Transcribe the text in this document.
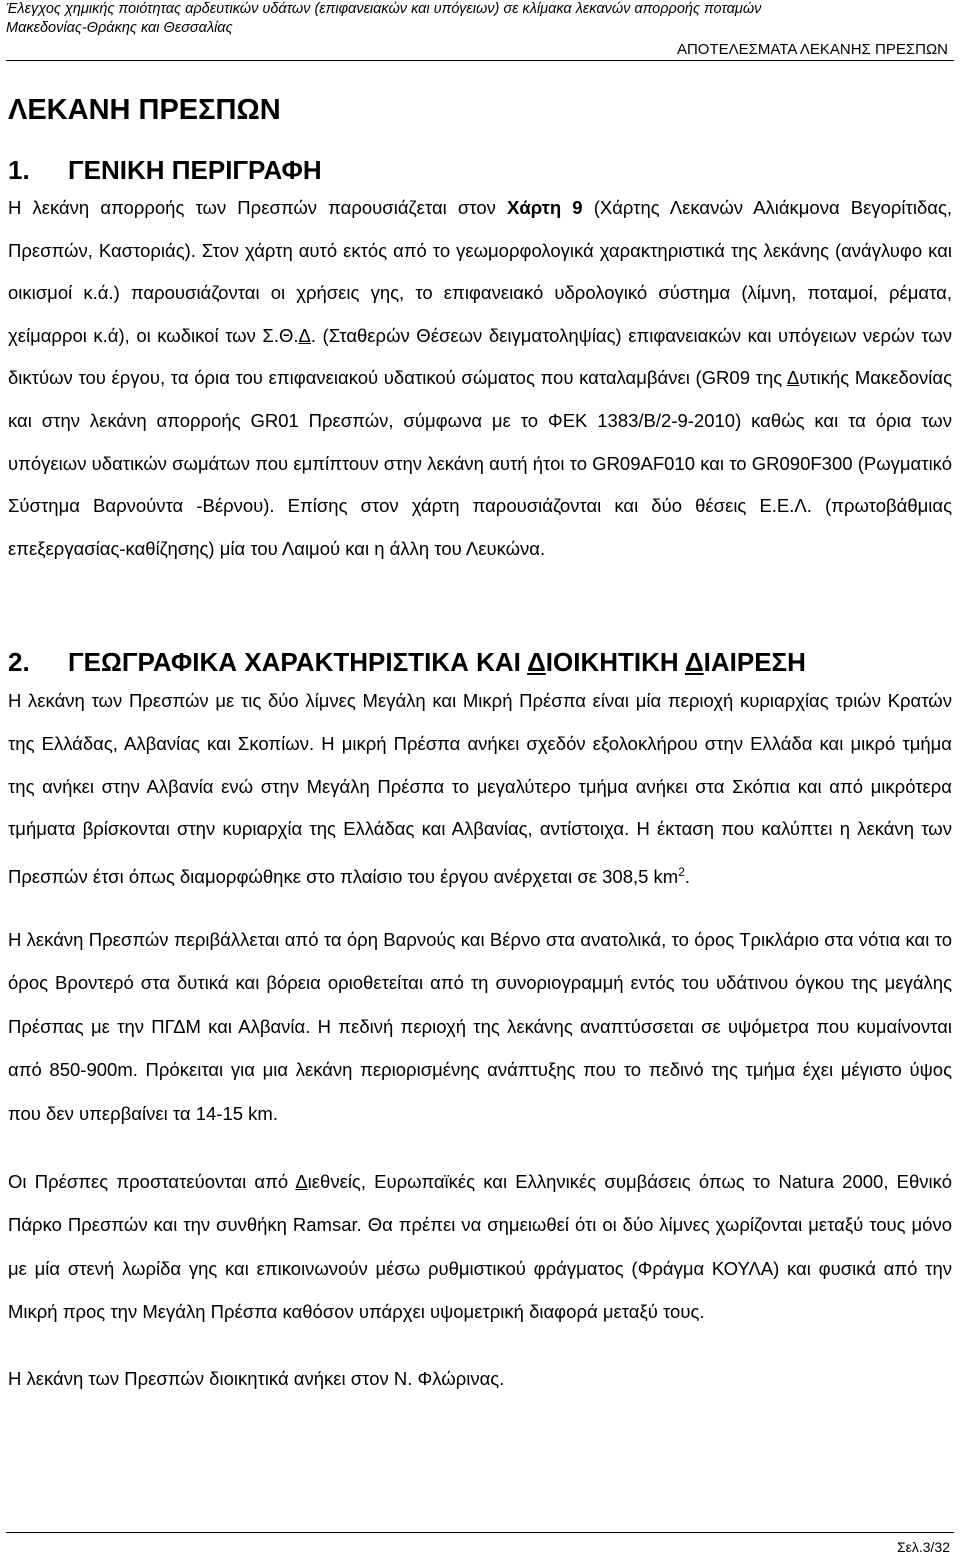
Έλεγχος χημικής ποιότητας αρδευτικών υδάτων (επιφανειακών και υπόγειων) σε κλίμακα λεκανών απορροής ποταμών
Μακεδονίας-Θράκης και Θεσσαλίας
ΑΠΟΤΕΛΕΣΜΑΤΑ ΛΕΚΑΝΗΣ ΠΡΕΣΠΩΝ
ΛΕΚΑΝΗ ΠΡΕΣΠΩΝ
1. ΓΕΝΙΚΗ ΠΕΡΙΓΡΑΦΗ

Η λεκάνη απορροής των Πρεσπών παρουσιάζεται στον Χάρτη 9 (Χάρτης Λεκανών Αλιάκμονα Βεγορίτιδας, Πρεσπών, Καστοριάς). Στον χάρτη αυτό εκτός από το γεωμορφολογικά χαρακτηριστικά της λεκάνης (ανάγλυφο και οικισμοί κ.ά.) παρουσιάζονται οι χρήσεις γης, το επιφανειακό υδρολογικό σύστημα (λίμνη, ποταμοί, ρέματα, χείμαρροι κ.ά), οι κωδικοί των Σ.Θ.Δ. (Σταθερών Θέσεων δειγματοληψίας) επιφανειακών και υπόγειων νερών των δικτύων του έργου, τα όρια του επιφανειακού υδατικού σώματος που καταλαμβάνει (GR09 της Δυτικής Μακεδονίας και στην λεκάνη απορροής GR01 Πρεσπών, σύμφωνα με το ΦΕΚ 1383/Β/2-9-2010) καθώς και τα όρια των υπόγειων υδατικών σωμάτων που εμπίπτουν στην λεκάνη αυτή ήτοι το GR09AF010 και το GR090F300 (Ρωγματικό Σύστημα Βαρνούντα -Βέρνου). Επίσης στον χάρτη παρουσιάζονται και δύο θέσεις Ε.Ε.Λ. (πρωτοβάθμιας επεξεργασίας-καθίζησης) μία του Λαιμού και η άλλη του Λευκώνα.

2. ΓΕΩΓΡΑΦΙΚΑ ΧΑΡΑΚΤΗΡΙΣΤΙΚΑ ΚΑΙ ΔΙΟΙΚΗΤΙΚΗ ΔΙΑΙΡΕΣΗ

Η λεκάνη των Πρεσπών με τις δύο λίμνες Μεγάλη και Μικρή Πρέσπα είναι μία περιοχή κυριαρχίας τριών Κρατών της Ελλάδας, Αλβανίας και Σκοπίων. Η μικρή Πρέσπα ανήκει σχεδόν εξολοκλήρου στην Ελλάδα και μικρό τμήμα της ανήκει στην Αλβανία ενώ στην Μεγάλη Πρέσπα το μεγαλύτερο τμήμα ανήκει στα Σκόπια και από μικρότερα τμήματα βρίσκονται στην κυριαρχία της Ελλάδας και Αλβανίας, αντίστοιχα. Η έκταση που καλύπτει η λεκάνη των Πρεσπών έτσι όπως διαμορφώθηκε στο πλαίσιο του έργου ανέρχεται σε 308,5 $km^2$.

Η λεκάνη Πρεσπών περιβάλλεται από τα όρη Βαρνούς και Βέρνο στα ανατολικά, το όρος Τρικλάριο στα νότια και το όρος Βροντερό στα δυτικά και βόρεια οριοθετείται από τη συνοριογραμμή εντός του υδάτινου όγκου της μεγάλης Πρέσπας με την ΠΓΔΜ και Αλβανία. Η πεδινή περιοχή της λεκάνης αναπτύσσεται σε υψόμετρα που κυμαίνονται από 850-900m. Πρόκειται για μια λεκάνη περιορισμένης ανάπτυξης που το πεδινό της τμήμα έχει μέγιστο ύψος που δεν υπερβαίνει τα 14-15 km.

Οι Πρέσπες προστατεύονται από Διεθνείς, Ευρωπαϊκές και Ελληνικές συμβάσεις όπως το Natura 2000, Εθνικό Πάρκο Πρεσπών και την συνθήκη Ramsar. Θα πρέπει να σημειωθεί ότι οι δύο λίμνες χωρίζονται μεταξύ τους μόνο με μία στενή λωρίδα γης και επικοινωνούν μέσω ρυθμιστικού φράγματος (Φράγμα ΚΟΥΛΑ) και φυσικά από την Μικρή προς την Μεγάλη Πρέσπα καθόσον υπάρχει υψομετρική διαφορά μεταξύ τους.

Η λεκάνη των Πρεσπών διοικητικά ανήκει στον Ν. Φλώρινας.

Σελ.3/32
